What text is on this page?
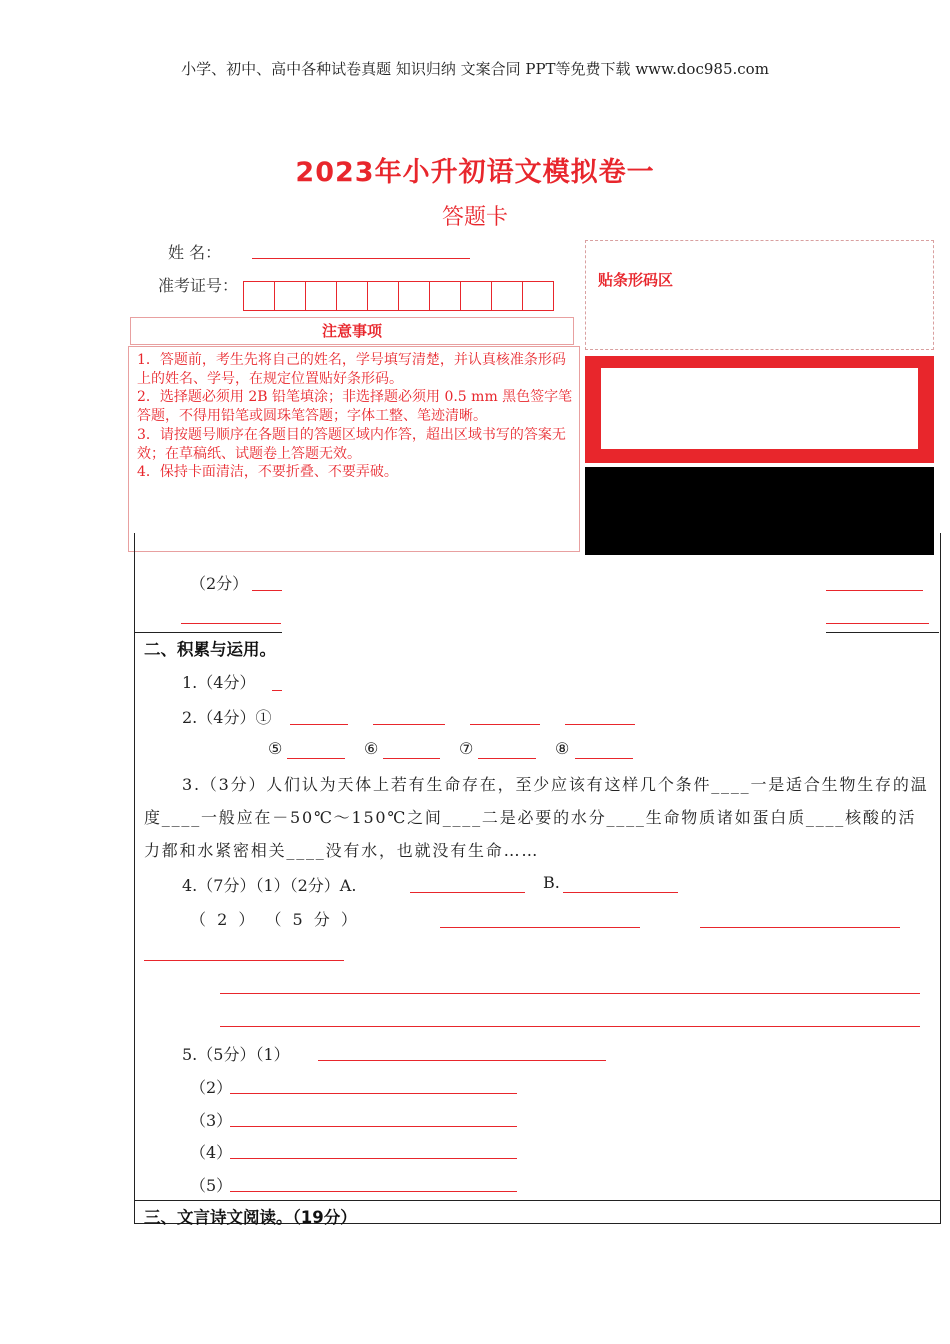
小学、初中、高中各种试卷真题 知识归纳 文案合同 PPT等免费下载 www.doc985.com
2023年小升初语文模拟卷一
答题卡
姓 名：
准考证号：	贴条形码区
注意事项
1．答题前，考生先将自己的姓名，学号填写清楚，并认真核准条形码上的姓名、学号，在规定位置贴好条形码。
2．选择题必须用 2B 铅笔填涂；非选择题必须用 0.5 mm 黑色签字笔答题，不得用铅笔或圆珠笔答题；字体工整、笔迹清晰。
3．请按题号顺序在各题目的答题区域内作答，超出区域书写的答案无效；在草稿纸、试题卷上答题无效。
4．保持卡面清洁，不要折叠、不要弄破。
（2分）
二、积累与运用。
1.（4分）
2.（4分）①
⑤	⑥	⑦	⑧
3.（3分）人们认为天体上若有生命存在，至少应该有这样几个条件____一是适合生物生存的温度____一般应在－50℃～150℃之间____二是必要的水分____生命物质诸如蛋白质____核酸的活力都和水紧密相关____没有水，也就没有生命……
4.（7分）（1）（2分）A.	B.
（ 2 ） （ 5 分 ）
5.（5分）（1）
（2）
（3）
（4）
（5）
三、文言诗文阅读。（19分）
